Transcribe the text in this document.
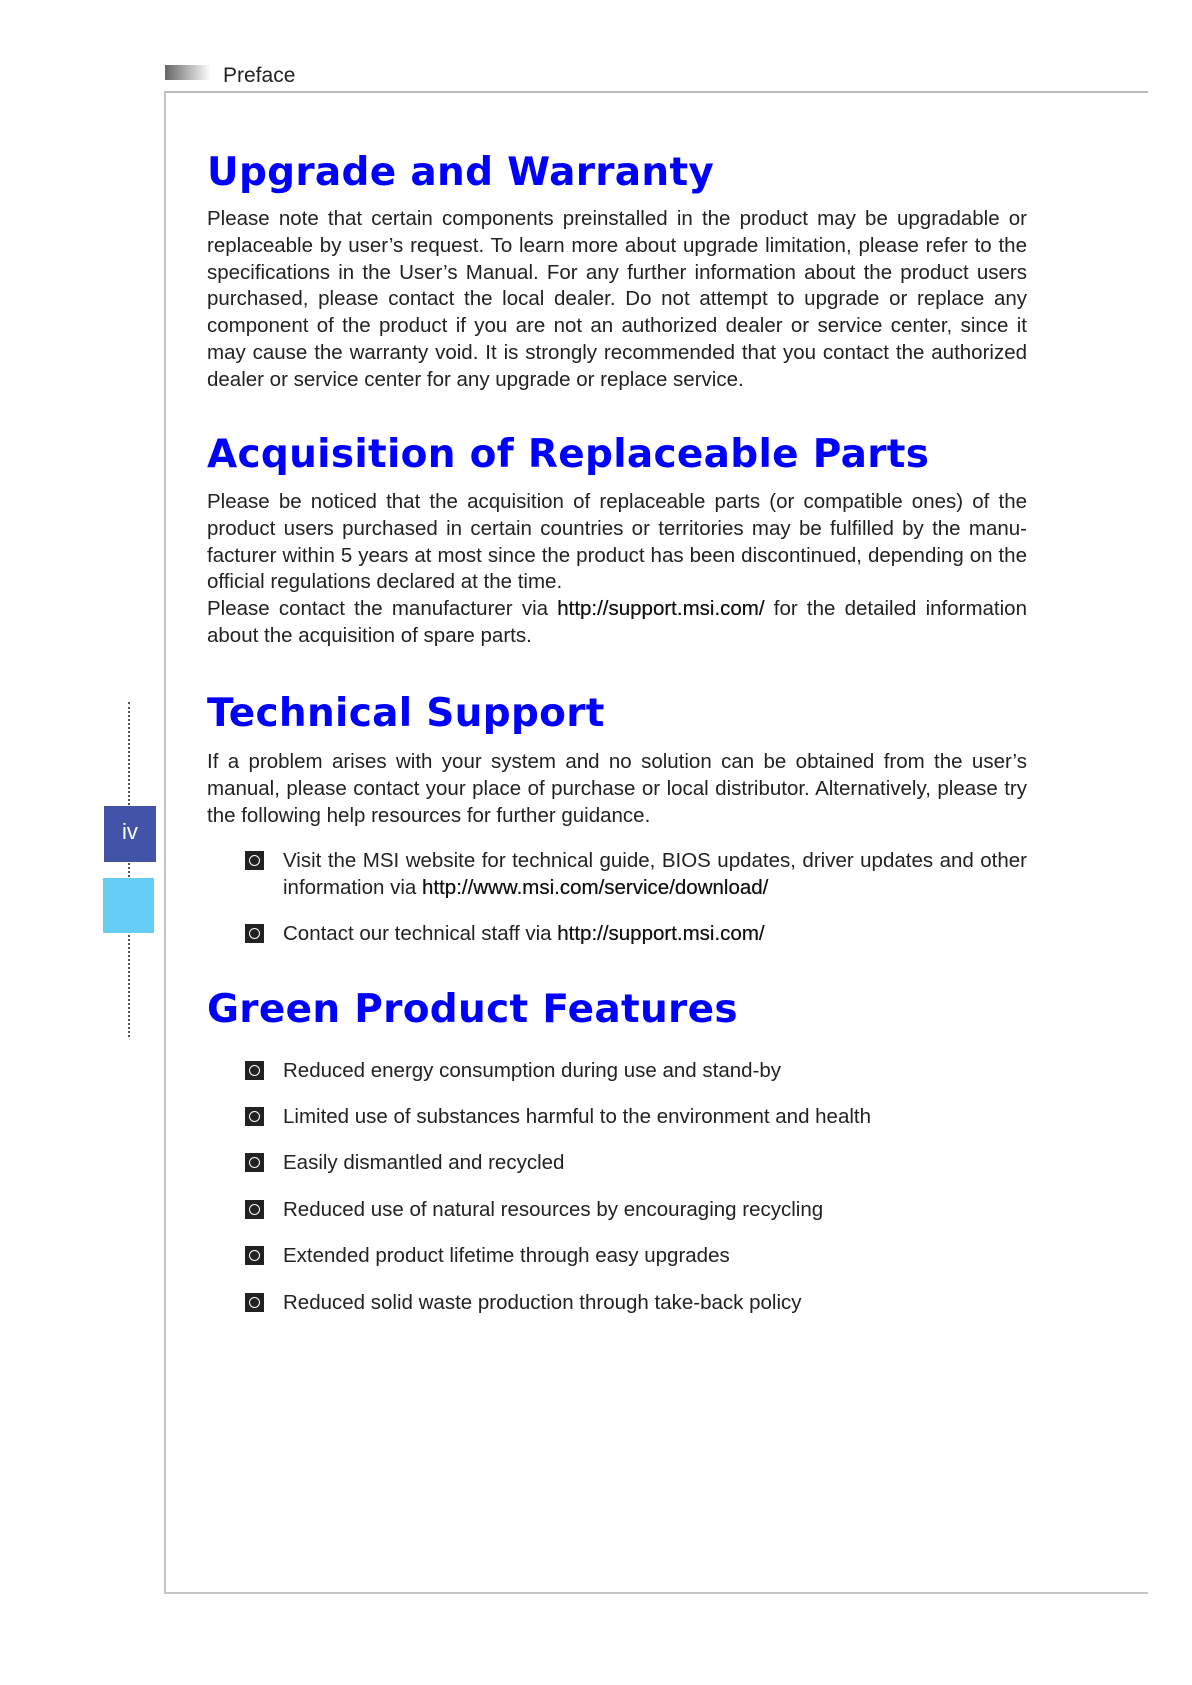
Preface
iv
Upgrade and Warranty

Please note that certain components preinstalled in the product may be upgradable or replaceable by user’s request. To learn more about upgrade limitation, please refer to the specifications in the User’s Manual. For any further information about the product users purchased, please contact the local dealer. Do not attempt to upgrade or replace any component of the product if you are not an authorized dealer or service center, since it may cause the warranty void. It is strongly recommended that you contact the authorized dealer or service center for any upgrade or replace service.

Acquisition of Replaceable Parts

Please be noticed that the acquisition of replaceable parts (or compatible ones) of the product users purchased in certain countries or territories may be fulfilled by the manu-facturer within 5 years at most since the product has been discontinued, depending on the official regulations declared at the time.

Please contact the manufacturer via http://support.msi.com/ for the detailed information about the acquisition of spare parts.

Technical Support

If a problem arises with your system and no solution can be obtained from the user’s manual, please contact your place of purchase or local distributor. Alternatively, please try the following help resources for further guidance.

Visit the MSI website for technical guide, BIOS updates, driver updates and other information via http://www.msi.com/service/download/
Contact our technical staff via http://support.msi.com/
Green Product Features
Reduced energy consumption during use and stand-by
Limited use of substances harmful to the environment and health
Easily dismantled and recycled
Reduced use of natural resources by encouraging recycling
Extended product lifetime through easy upgrades
Reduced solid waste production through take-back policy
